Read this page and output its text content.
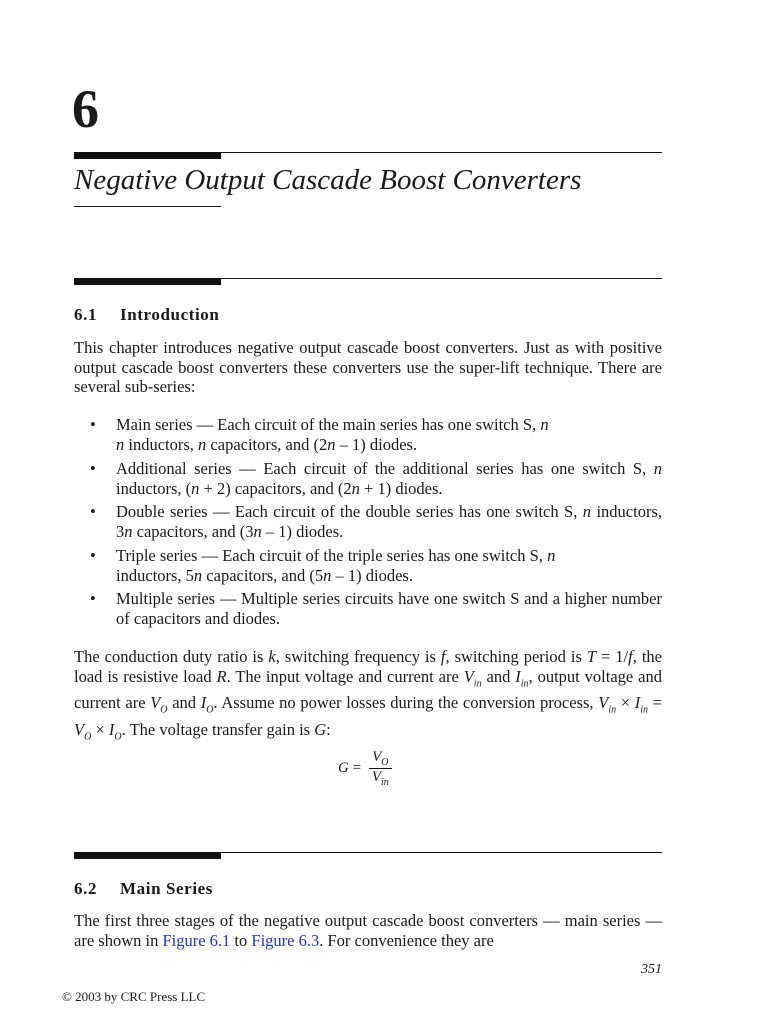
6
Negative Output Cascade Boost Converters
6.1 Introduction

This chapter introduces negative output cascade boost converters. Just as with positive output cascade boost converters these converters use the super-lift technique. There are several sub-series:

• Main series — Each circuit of the main series has one switch S, n
n inductors, n capacitors, and (2n – 1) diodes.
• Additional series — Each circuit of the additional series has one switch S, n inductors, (n + 2) capacitors, and (2n + 1) diodes.
• Double series — Each circuit of the double series has one switch S, n inductors, 3n capacitors, and (3n – 1) diodes.
• Triple series — Each circuit of the triple series has one switch S, n
inductors, 5n capacitors, and (5n – 1) diodes.
• Multiple series — Multiple series circuits have one switch S and a higher number of capacitors and diodes.

The conduction duty ratio is k, switching frequency is f, switching period is T = 1/f, the load is resistive load R. The input voltage and current are $V_{in}$ and $I_{in}$, output voltage and current are $V_O$ and $I_O$. Assume no power losses during the conversion process, $V_{in} \times I_{in} = V_O \times I_O$. The voltage transfer gain is G:

$G = \frac{V_O}{V_{in}}$
6.2 Main Series

The first three stages of the negative output cascade boost converters — main series — are shown in Figure 6.1 to Figure 6.3. For convenience they are

351
© 2003 by CRC Press LLC
